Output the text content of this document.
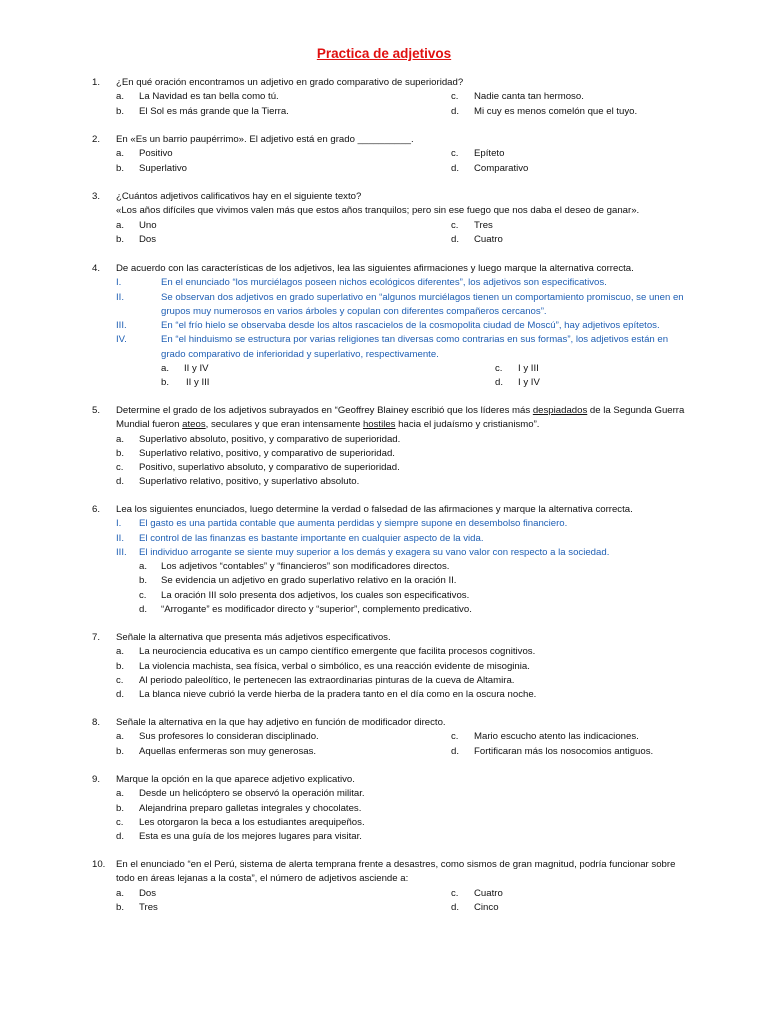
Practica de adjetivos
1. ¿En qué oración encontramos un adjetivo en grado comparativo de superioridad?
a. La Navidad es tan bella como tú.	c. Nadie canta tan hermoso.
b. El Sol es más grande que la Tierra.	d. Mi cuy es menos comelón que el tuyo.
2. En «Es un barrio paupérrimo». El adjetivo está en grado __________.
a. Positivo	c. Epíteto
b. Superlativo	d. Comparativo
3. ¿Cuántos adjetivos calificativos hay en el siguiente texto?
«Los años difíciles que vivimos valen más que estos años tranquilos; pero sin ese fuego que nos daba el deseo de ganar».
a. Uno	c. Tres
b. Dos	d. Cuatro
4. De acuerdo con las características de los adjetivos, lea las siguientes afirmaciones y luego marque la alternativa correcta.
I.	En el enunciado “los murciélagos poseen nichos ecológicos diferentes”, los adjetivos son especificativos.
II.	Se observan dos adjetivos en grado superlativo en “algunos murciélagos tienen un comportamiento promiscuo, se unen en grupos muy numerosos en varios árboles y copulan con diferentes compañeros cercanos”.
III.	En “el frío hielo se observaba desde los altos rascacielos de la cosmopolita ciudad de Moscú”, hay adjetivos epítetos.
IV.	En “el hinduismo se estructura por varias religiones tan diversas como contrarias en sus formas”, los adjetivos están en grado comparativo de inferioridad y superlativo, respectivamente.
a. II y IV	c. I y III
b. II y III	d. I y IV
5. Determine el grado de los adjetivos subrayados en “Geoffrey Blainey escribió que los líderes más despiadados de la Segunda Guerra Mundial fueron ateos, seculares y que eran intensamente hostiles hacia el judaísmo y cristianismo”.
a. Superlativo absoluto, positivo, y comparativo de superioridad.
b. Superlativo relativo, positivo, y comparativo de superioridad.
c. Positivo, superlativo absoluto, y comparativo de superioridad.
d. Superlativo relativo, positivo, y superlativo absoluto.
6. Lea los siguientes enunciados, luego determine la verdad o falsedad de las afirmaciones y marque la alternativa correcta.
I. El gasto es una partida contable que aumenta perdidas y siempre supone en desembolso financiero.
II. El control de las finanzas es bastante importante en cualquier aspecto de la vida.
III. El individuo arrogante se siente muy superior a los demás y exagera su vano valor con respecto a la sociedad.
a. Los adjetivos “contables” y “financieros” son modificadores directos.
b. Se evidencia un adjetivo en grado superlativo relativo en la oración II.
c. La oración III solo presenta dos adjetivos, los cuales son especificativos.
d. “Arrogante” es modificador directo y “superior”, complemento predicativo.
7. Señale la alternativa que presenta más adjetivos especificativos.
a. La neurociencia educativa es un campo científico emergente que facilita procesos cognitivos.
b. La violencia machista, sea física, verbal o simbólico, es una reacción evidente de misoginia.
c. Al periodo paleolítico, le pertenecen las extraordinarias pinturas de la cueva de Altamira.
d. La blanca nieve cubrió la verde hierba de la pradera tanto en el día como en la oscura noche.
8. Señale la alternativa en la que hay adjetivo en función de modificador directo.
a. Sus profesores lo consideran disciplinado.	c. Mario escucho atento las indicaciones.
b. Aquellas enfermeras son muy generosas.	d. Fortificaran más los nosocomios antiguos.
9. Marque la opción en la que aparece adjetivo explicativo.
a. Desde un helicóptero se observó la operación militar.
b. Alejandrina preparo galletas integrales y chocolates.
c. Les otorgaron la beca a los estudiantes arequipeños.
d. Esta es una guía de los mejores lugares para visitar.
10. En el enunciado “en el Perú, sistema de alerta temprana frente a desastres, como sismos de gran magnitud, podría funcionar sobre todo en áreas lejanas a la costa”, el número de adjetivos asciende a:
a. Dos	c. Cuatro
b. Tres	d. Cinco
